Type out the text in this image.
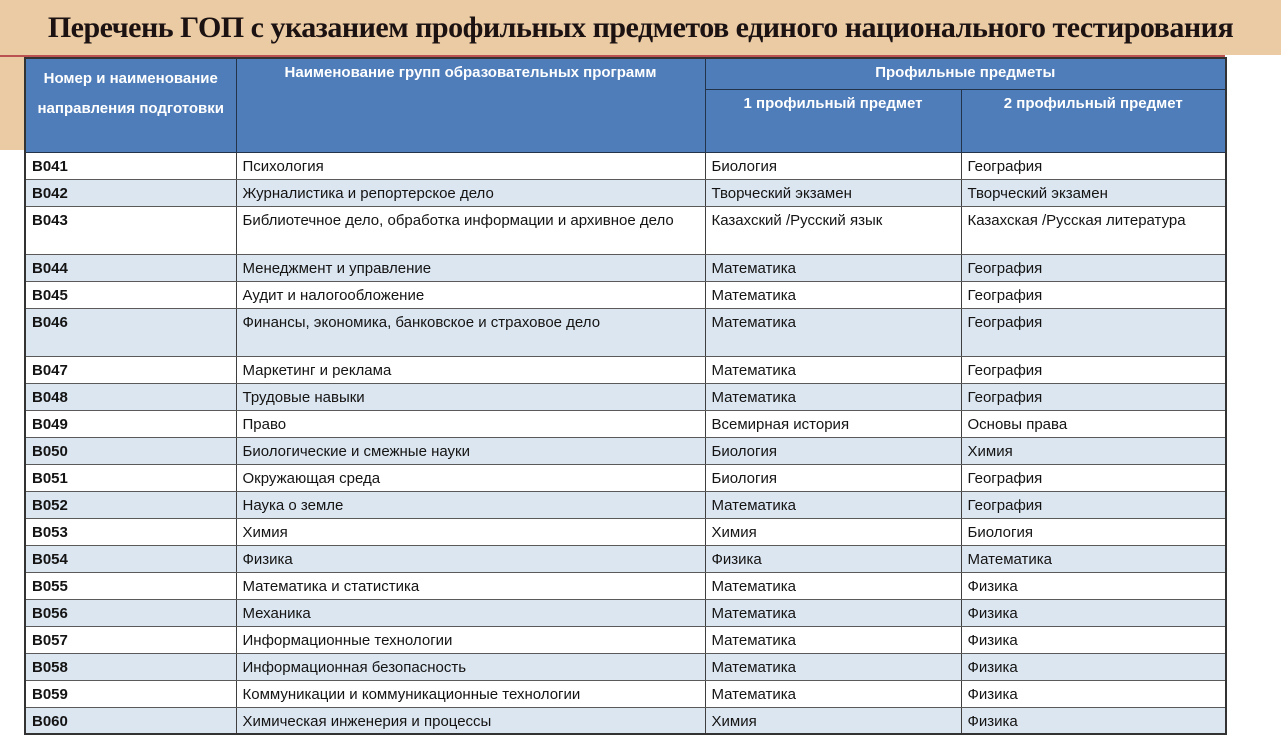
Перечень ГОП с указанием профильных предметов единого национального тестирования
Номер и наименование направления подготовки	Наименование групп образовательных программ	Профильные предметы	
		1 профильный предмет	2 профильный предмет
B041	Психология	Биология	География
B042	Журналистика и репортерское дело	Творческий экзамен	Творческий экзамен
B043	Библиотечное дело, обработка информации и архивное дело	Казахский /Русский язык	Казахская /Русская литература
B044	Менеджмент и управление	Математика	География
B045	Аудит и налогообложение	Математика	География
B046	Финансы, экономика, банковское и страховое дело	Математика	География
B047	Маркетинг и реклама	Математика	География
B048	Трудовые навыки	Математика	География
B049	Право	Всемирная история	Основы права
B050	Биологические и смежные науки	Биология	Химия
B051	Окружающая среда	Биология	География
B052	Наука о земле	Математика	География
B053	Химия	Химия	Биология
B054	Физика	Физика	Математика
B055	Математика и статистика	Математика	Физика
B056	Механика	Математика	Физика
B057	Информационные технологии	Математика	Физика
B058	Информационная безопасность	Математика	Физика
B059	Коммуникации и коммуникационные технологии	Математика	Физика
B060	Химическая инженерия и процессы	Химия	Физика
